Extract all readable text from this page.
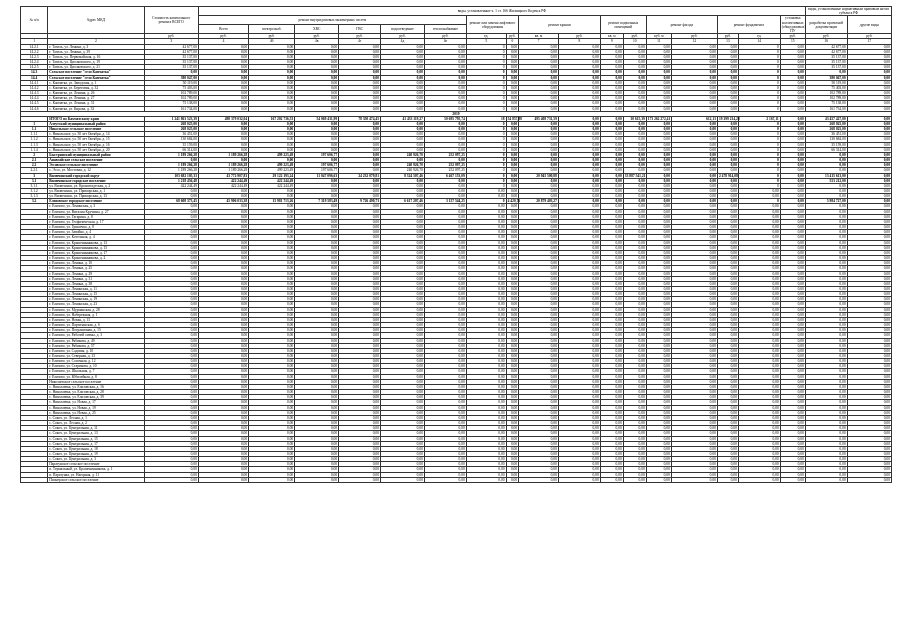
№ п/п	Адрес МКД	Стоимость капитального ремонта ВСЕГО	виды, установленные ч. 1 ст. 166 Жилищного Кодекса РФ																	виды, установленные нормативным правовым актом субъекта РФ	
			ремонт внутридомовых инженерных систем						ремонт или замена лифтового оборудования		ремонт крыши		ремонт подвальных помещений		ремонт фасада		ремонт фундамента		установка коллективных (общедомовых) ПУ	разработка проектной документации	другие виды
			Всего	электроснаб.	ХВС	ГВС	водоотведение	теплоснабжение													
		руб.	руб.	руб.	руб.	руб.	руб.	руб.	ед.	руб.	кв. м	руб.	кв. м	руб.	куб. м	руб.	руб.	ед.	руб.	руб.	руб.
1	2	3	4	4б	4в	4г	4д	4е	5	6	7	8	9	10	11	12	13	14	15	16	17
14.2.1	г. Тагиль, ул. Ленина, д. 3	42 677,00	0,00	0,00	0,00	0,00	0,00	0,00	0	0,00	0,00	0,00	0,00	0,00	0,00	0,00	0,00	0	0,00	42 677,00	0,00
14.2.2	г. Тагиль, ул. Ленина, д. 39	42 677,00	0,00	0,00	0,00	0,00	0,00	0,00	0	0,00	0,00	0,00	0,00	0,00	0,00	0,00	0,00	0	0,00	42 677,00	0,00
14.2.3	г. Тагиль, ул. Первомайская, д. 16	35 137,00	0,00	0,00	0,00	0,00	0,00	0,00	0	0,00	0,00	0,00	0,00	0,00	0,00	0,00	0,00	0	0,00	35 137,00	0,00
14.2.4	г. Тагиль, ул. Циолковского, д. 19	35 137,00	0,00	0,00	0,00	0,00	0,00	0,00	0	0,00	0,00	0,00	0,00	0,00	0,00	0,00	0,00	0	0,00	35 137,00	0,00
14.2.5	г. Тагиль, ул. Циолковского, д. 21	35 137,00	0,00	0,00	0,00	0,00	0,00	0,00	0	0,00	0,00	0,00	0,00	0,00	0,00	0,00	0,00	0	0,00	35 137,00	0,00
14.3	Сельское поселение "село Камчатка"	0,00	0,00	0,00	0,00	0,00	0,00	0,00	0	0,00	0,00	0,00	0,00	0,00	0,00	0,00	0,00	0	0,00	0,00	0,00
14.4	Сельское поселение "село Камчатка"	380 047,00	0,00	0,00	0,00	0,00	0,00	0,00	0	0,00	0,00	0,00	0,00	0,00	0,00	0,00	0,00	0	0,00	380 047,00	0,00
14.4.1	с. Камчатка, ул. Заводская, д. 1	50 119,00	0,00	0,00	0,00	0,00	0,00	0,00	0	0,00	0,00	0,00	0,00	0,00	0,00	0,00	0,00	0	0,00	50 119,00	0,00
14.4.2	с. Камчатка, ул. Береговая, д. 32	75 403,00	0,00	0,00	0,00	0,00	0,00	0,00	0	0,00	0,00	0,00	0,00	0,00	0,00	0,00	0,00	0	0,00	75 403,00	0,00
14.4.3	с. Камчатка, ул. Ленина, д. 26	102 789,00	0,00	0,00	0,00	0,00	0,00	0,00	0	0,00	0,00	0,00	0,00	0,00	0,00	0,00	0,00	0	0,00	102 789,00	0,00
14.4.4	с. Камчатка, ул. Ленина, д. 27	102 789,00	0,00	0,00	0,00	0,00	0,00	0,00	0	0,00	0,00	0,00	0,00	0,00	0,00	0,00	0,00	0	0,00	102 789,00	0,00
14.4.5	с. Камчатка, ул. Ленина, д. 31	75 138,00	0,00	0,00	0,00	0,00	0,00	0,00	0	0,00	0,00	0,00	0,00	0,00	0,00	0,00	0,00	0	0,00	75 138,00	0,00
14.4.6	с. Камчатка, ул. Кирова, д. 33	161 734,00	0,00	0,00	0,00	0,00	0,00	0,00	0	0,00	0,00	0,00	0,00	0,00	0,00	0,00	0,00	0	0,00	161 734,00	0,00
2019																					
	ИТОГО по Камчатскому краю	1 241 863 523,39	498 379 032,04	167 202 736,53	54 069 431,99	78 350 474,45	41 433 119,27	50 695 795,74	18	54 857,88	495 408 731,59	0,00	0,00	30 615,39	173 262 272,41	612,13	19 299 214,28	2 167,11	0,00	43 457 427,00	0,00
1	Алеутский муниципальный район	268 025,00	0,00	0,00	0,00	0,00	0,00	0,00	0	0,00	0,00	0,00	0,00	0,00	0,00	0,00	0,00	0	0,00	268 025,00	0,00
1.1	Никольское сельское поселение	268 025,00	0,00	0,00	0,00	0,00	0,00	0,00	0	0,00	0,00	0,00	0,00	0,00	0,00	0,00	0,00	0	0,00	268 025,00	0,00
1.1.1	с. Никольское, ул. 50 лет Октября, д. 14	36 451,00	0,00	0,00	0,00	0,00	0,00	0,00	0	0,00	0,00	0,00	0,00	0,00	0,00	0,00	0,00	0	0,00	36 451,00	0,00
1.1.2	с. Никольское, ул. 50 лет Октября, д. 15	130 684,00	0,00	0,00	0,00	0,00	0,00	0,00	0	0,00	0,00	0,00	0,00	0,00	0,00	0,00	0,00	0	0,00	130 684,00	0,00
1.1.3	с. Никольское, ул. 50 лет Октября, д. 16	35 159,00	0,00	0,00	0,00	0,00	0,00	0,00	0	0,00	0,00	0,00	0,00	0,00	0,00	0,00	0,00	0	0,00	35 159,00	0,00
1.1.4	с. Никольское, ул. 50 лет Октября, д. 20	66 314,00	0,00	0,00	0,00	0,00	0,00	0,00	0	0,00	0,00	0,00	0,00	0,00	0,00	0,00	0,00	0	0,00	66 314,00	0,00
2	Быстринский муниципальный район	1 189 266,28	1 189 266,28	499 223,49	197 606,77	0,00	240 926,70	252 097,25	0	0,00	0,00	0,00	0,00	0,00	0,00	0,00	0,00	0	0,00	0,00	0,00
2.1	Анавгайское сельское поселение	0,00	0,00	0,00	0,00	0,00	0,00	0,00	0	0,00	0,00	0,00	0,00	0,00	0,00	0,00	0,00	0	0,00	0,00	0,00
2.2	Эссовское сельское поселение	1 189 266,28	1 189 266,28	499 223,49	197 606,77	0,00	240 926,70	252 097,25	0	0,00	0,00	0,00	0,00	0,00	0,00	0,00	0,00	0	0,00	0,00	0,00
2.2.1	с. Эссо, ул. Мостовая, д. 12	1 189 266,28	1 189 266,28	499 223,49	197 606,77	0,00	240 926,70	252 097,25	0	0,00	0,00	0,00	0,00	0,00	0,00	0,00	0,00	0	0,00	0,00	0,00
3	Вилючинский городской округ	103 682 105,33	43 772 907,83	29 122 193,24	11 047 096,63	24 232 079,81	8 324 507,46	6 467 153,09	0	0,00	20 945 500,88	0,00	0,00	33 887 541,21	0,00	0,00	2 478 914,08	0	0,00	13 415 613,00	0,00
3.1	Вилючинское городское поселение	1 218 456,48	422 244,49	422 244,49	0,00	0,00	0,00	0,00	0	0,00	0,00	0,00	0,00	0,00	0,00	0,00	0,00	0	0,00	553 212,00	0,00
3.1.1	ул. Вилючинск, ул. Кронштадтская, д. 2	422 244,49	422 244,49	422 244,49	0,00	0,00	0,00	0,00	0	0,00	0,00	0,00	0,00	0,00	0,00	0,00	0,00	0	0,00	0,00	0,00
3.1.2	ул. Вилючинск, ул. Приморская, д. 1	0,00	0,00	0,00	0,00	0,00	0,00	0,00	0,00	0,00	0,00	0,00	0,00	0,00	0,00	0,00	0,00	0,00	0,00	0,00	0,00
3.1.3	ул. Вилючинск, ул. Приморская, д. 13	0,00	0,00	0,00	0,00	0,00	0,00	0,00	0,00	0,00	0,00	0,00	0,00	0,00	0,00	0,00	0,00	0,00	0,00	0,00	0,00
3.2	Елизовское городское поселение	68 608 373,45	45 906 033,38	15 981 713,26	7 319 583,49	9 726 490,73	6 617 207,46	3 157 544,25	0	4 420,76	20 879 403,27	0,00	0,00	0,00	0,00	0,00	0,00	0	0,00	5 984 727,00	0,00
	г. Елизово, ул. Ленинская, д. 3	0,00	0,00	0,00	0,00	0,00	0,00	0,00	0,00	0,00	0,00	0,00	0,00	0,00	0,00	0,00	0,00	0,00	0,00	0,00	0,00
	г. Елизово, ул. Виталия Кручины, д. 27	0,00	0,00	0,00	0,00	0,00	0,00	0,00	0,00	0,00	0,00	0,00	0,00	0,00	0,00	0,00	0,00	0,00	0,00	0,00	0,00
	г. Елизово, ул. Гагарина, д. 8	0,00	0,00	0,00	0,00	0,00	0,00	0,00	0,00	0,00	0,00	0,00	0,00	0,00	0,00	0,00	0,00	0,00	0,00	0,00	0,00
	г. Елизово, ул. Геофизическая, д. 17	0,00	0,00	0,00	0,00	0,00	0,00	0,00	0,00	0,00	0,00	0,00	0,00	0,00	0,00	0,00	0,00	0,00	0,00	0,00	0,00
	г. Елизово, ул. Гришечко, д. 8	0,00	0,00	0,00	0,00	0,00	0,00	0,00	0,00	0,00	0,00	0,00	0,00	0,00	0,00	0,00	0,00	0,00	0,00	0,00	0,00
	г. Елизово, ул. Завойко, д. 4	0,00	0,00	0,00	0,00	0,00	0,00	0,00	0,00	0,00	0,00	0,00	0,00	0,00	0,00	0,00	0,00	0,00	0,00	0,00	0,00
	г. Елизово, ул. Котельная, д. 4	0,00	0,00	0,00	0,00	0,00	0,00	0,00	0,00	0,00	0,00	0,00	0,00	0,00	0,00	0,00	0,00	0,00	0,00	0,00	0,00
	г. Елизово, ул. Крашенинникова, д. 13	0,00	0,00	0,00	0,00	0,00	0,00	0,00	0,00	0,00	0,00	0,00	0,00	0,00	0,00	0,00	0,00	0,00	0,00	0,00	0,00
	г. Елизово, ул. Крашенинникова, д. 15	0,00	0,00	0,00	0,00	0,00	0,00	0,00	0,00	0,00	0,00	0,00	0,00	0,00	0,00	0,00	0,00	0,00	0,00	0,00	0,00
	г. Елизово, ул. Крашенинникова, д. 17	0,00	0,00	0,00	0,00	0,00	0,00	0,00	0,00	0,00	0,00	0,00	0,00	0,00	0,00	0,00	0,00	0,00	0,00	0,00	0,00
	г. Елизово, ул. Крашенинникова, д. 2	0,00	0,00	0,00	0,00	0,00	0,00	0,00	0,00	0,00	0,00	0,00	0,00	0,00	0,00	0,00	0,00	0,00	0,00	0,00	0,00
	г. Елизово, ул. Ленина, д. 10	0,00	0,00	0,00	0,00	0,00	0,00	0,00	0,00	0,00	0,00	0,00	0,00	0,00	0,00	0,00	0,00	0,00	0,00	0,00	0,00
	г. Елизово, ул. Ленина, д. 25	0,00	0,00	0,00	0,00	0,00	0,00	0,00	0,00	0,00	0,00	0,00	0,00	0,00	0,00	0,00	0,00	0,00	0,00	0,00	0,00
	г. Елизово, ул. Ленина, д. 29	0,00	0,00	0,00	0,00	0,00	0,00	0,00	0,00	0,00	0,00	0,00	0,00	0,00	0,00	0,00	0,00	0,00	0,00	0,00	0,00
	г. Елизово, ул. Ленина, д. 31	0,00	0,00	0,00	0,00	0,00	0,00	0,00	0,00	0,00	0,00	0,00	0,00	0,00	0,00	0,00	0,00	0,00	0,00	0,00	0,00
	г. Елизово, ул. Ленина, д. 38	0,00	0,00	0,00	0,00	0,00	0,00	0,00	0,00	0,00	0,00	0,00	0,00	0,00	0,00	0,00	0,00	0,00	0,00	0,00	0,00
	г. Елизово, ул. Ленинская, д. 11	0,00	0,00	0,00	0,00	0,00	0,00	0,00	0,00	0,00	0,00	0,00	0,00	0,00	0,00	0,00	0,00	0,00	0,00	0,00	0,00
	г. Елизово, ул. Ленинская, д. 15	0,00	0,00	0,00	0,00	0,00	0,00	0,00	0,00	0,00	0,00	0,00	0,00	0,00	0,00	0,00	0,00	0,00	0,00	0,00	0,00
	г. Елизово, ул. Ленинская, д. 19	0,00	0,00	0,00	0,00	0,00	0,00	0,00	0,00	0,00	0,00	0,00	0,00	0,00	0,00	0,00	0,00	0,00	0,00	0,00	0,00
	г. Елизово, ул. Ленинская, д. 23	0,00	0,00	0,00	0,00	0,00	0,00	0,00	0,00	0,00	0,00	0,00	0,00	0,00	0,00	0,00	0,00	0,00	0,00	0,00	0,00
	г. Елизово, ул. Мурманская, д. 28	0,00	0,00	0,00	0,00	0,00	0,00	0,00	0,00	0,00	0,00	0,00	0,00	0,00	0,00	0,00	0,00	0,00	0,00	0,00	0,00
	г. Елизово, ул. Набережная, д. 1	0,00	0,00	0,00	0,00	0,00	0,00	0,00	0,00	0,00	0,00	0,00	0,00	0,00	0,00	0,00	0,00	0,00	0,00	0,00	0,00
	г. Елизово, ул. Новая, д. 13	0,00	0,00	0,00	0,00	0,00	0,00	0,00	0,00	0,00	0,00	0,00	0,00	0,00	0,00	0,00	0,00	0,00	0,00	0,00	0,00
	г. Елизово, ул. Партизанская, д. 6	0,00	0,00	0,00	0,00	0,00	0,00	0,00	0,00	0,00	0,00	0,00	0,00	0,00	0,00	0,00	0,00	0,00	0,00	0,00	0,00
	г. Елизово, ул. Пограничная, д. 15	0,00	0,00	0,00	0,00	0,00	0,00	0,00	0,00	0,00	0,00	0,00	0,00	0,00	0,00	0,00	0,00	0,00	0,00	0,00	0,00
	г. Елизово, ул. Рабочей смены, д. 3	0,00	0,00	0,00	0,00	0,00	0,00	0,00	0,00	0,00	0,00	0,00	0,00	0,00	0,00	0,00	0,00	0,00	0,00	0,00	0,00
	г. Елизово, ул. Рябикова, д. 49	0,00	0,00	0,00	0,00	0,00	0,00	0,00	0,00	0,00	0,00	0,00	0,00	0,00	0,00	0,00	0,00	0,00	0,00	0,00	0,00
	г. Елизово, ул. Рябикова, д. 57	0,00	0,00	0,00	0,00	0,00	0,00	0,00	0,00	0,00	0,00	0,00	0,00	0,00	0,00	0,00	0,00	0,00	0,00	0,00	0,00
	г. Елизово, ул. Садовая, д. 10	0,00	0,00	0,00	0,00	0,00	0,00	0,00	0,00	0,00	0,00	0,00	0,00	0,00	0,00	0,00	0,00	0,00	0,00	0,00	0,00
	г. Елизово, ул. Северная, д. 13	0,00	0,00	0,00	0,00	0,00	0,00	0,00	0,00	0,00	0,00	0,00	0,00	0,00	0,00	0,00	0,00	0,00	0,00	0,00	0,00
	г. Елизово, ул. Сопочная, д. 12	0,00	0,00	0,00	0,00	0,00	0,00	0,00	0,00	0,00	0,00	0,00	0,00	0,00	0,00	0,00	0,00	0,00	0,00	0,00	0,00
	г. Елизово, ул. Старикова, д. 10	0,00	0,00	0,00	0,00	0,00	0,00	0,00	0,00	0,00	0,00	0,00	0,00	0,00	0,00	0,00	0,00	0,00	0,00	0,00	0,00
	г. Елизово, ул. Школьная, д. 7	0,00	0,00	0,00	0,00	0,00	0,00	0,00	0,00	0,00	0,00	0,00	0,00	0,00	0,00	0,00	0,00	0,00	0,00	0,00	0,00
	г. Елизово, ул. Юбилейная, д. 8	0,00	0,00	0,00	0,00	0,00	0,00	0,00	0,00	0,00	0,00	0,00	0,00	0,00	0,00	0,00	0,00	0,00	0,00	0,00	0,00
	Николаевское сельское поселение	0,00	0,00	0,00	0,00	0,00	0,00	0,00	0,00	0,00	0,00	0,00	0,00	0,00	0,00	0,00	0,00	0,00	0,00	0,00	0,00
	с. Николаевка, ул. Елизовская, д. 16	0,00	0,00	0,00	0,00	0,00	0,00	0,00	0,00	0,00	0,00	0,00	0,00	0,00	0,00	0,00	0,00	0,00	0,00	0,00	0,00
	с. Николаевка, ул. Елизовская, д. 28	0,00	0,00	0,00	0,00	0,00	0,00	0,00	0,00	0,00	0,00	0,00	0,00	0,00	0,00	0,00	0,00	0,00	0,00	0,00	0,00
	с. Николаевка, ул. Елизовская, д. 39	0,00	0,00	0,00	0,00	0,00	0,00	0,00	0,00	0,00	0,00	0,00	0,00	0,00	0,00	0,00	0,00	0,00	0,00	0,00	0,00
	с. Николаевка, ул. Новая, д. 17	0,00	0,00	0,00	0,00	0,00	0,00	0,00	0,00	0,00	0,00	0,00	0,00	0,00	0,00	0,00	0,00	0,00	0,00	0,00	0,00
	с. Николаевка, ул. Новая, д. 19	0,00	0,00	0,00	0,00	0,00	0,00	0,00	0,00	0,00	0,00	0,00	0,00	0,00	0,00	0,00	0,00	0,00	0,00	0,00	0,00
	с. Николаевка, ул. Новая, д. 25	0,00	0,00	0,00	0,00	0,00	0,00	0,00	0,00	0,00	0,00	0,00	0,00	0,00	0,00	0,00	0,00	0,00	0,00	0,00	0,00
	с. Сокоч, ул. Лесная, д. 1	0,00	0,00	0,00	0,00	0,00	0,00	0,00	0,00	0,00	0,00	0,00	0,00	0,00	0,00	0,00	0,00	0,00	0,00	0,00	0,00
	с. Сокоч, ул. Лесная, д. 2	0,00	0,00	0,00	0,00	0,00	0,00	0,00	0,00	0,00	0,00	0,00	0,00	0,00	0,00	0,00	0,00	0,00	0,00	0,00	0,00
	с. Сокоч, ул. Центральная, д. 11	0,00	0,00	0,00	0,00	0,00	0,00	0,00	0,00	0,00	0,00	0,00	0,00	0,00	0,00	0,00	0,00	0,00	0,00	0,00	0,00
	с. Сокоч, ул. Центральная, д. 13	0,00	0,00	0,00	0,00	0,00	0,00	0,00	0,00	0,00	0,00	0,00	0,00	0,00	0,00	0,00	0,00	0,00	0,00	0,00	0,00
	с. Сокоч, ул. Центральная, д. 15	0,00	0,00	0,00	0,00	0,00	0,00	0,00	0,00	0,00	0,00	0,00	0,00	0,00	0,00	0,00	0,00	0,00	0,00	0,00	0,00
	с. Сокоч, ул. Центральная, д. 17	0,00	0,00	0,00	0,00	0,00	0,00	0,00	0,00	0,00	0,00	0,00	0,00	0,00	0,00	0,00	0,00	0,00	0,00	0,00	0,00
	с. Сокоч, ул. Центральная, д. 18	0,00	0,00	0,00	0,00	0,00	0,00	0,00	0,00	0,00	0,00	0,00	0,00	0,00	0,00	0,00	0,00	0,00	0,00	0,00	0,00
	с. Сокоч, ул. Центральная, д. 19	0,00	0,00	0,00	0,00	0,00	0,00	0,00	0,00	0,00	0,00	0,00	0,00	0,00	0,00	0,00	0,00	0,00	0,00	0,00	0,00
	с. Сокоч, ул. Центральная, д. 3	0,00	0,00	0,00	0,00	0,00	0,00	0,00	0,00	0,00	0,00	0,00	0,00	0,00	0,00	0,00	0,00	0,00	0,00	0,00	0,00
	Паратунское сельское поселение	0,00	0,00	0,00	0,00	0,00	0,00	0,00	0,00	0,00	0,00	0,00	0,00	0,00	0,00	0,00	0,00	0,00	0,00	0,00	0,00
	п. Термальный, ул. Крашенинникова, д. 1	0,00	0,00	0,00	0,00	0,00	0,00	0,00	0,00	0,00	0,00	0,00	0,00	0,00	0,00	0,00	0,00	0,00	0,00	0,00	0,00
	п. Паратунка, ул. Нагорная, д. 11	0,00	0,00	0,00	0,00	0,00	0,00	0,00	0,00	0,00	0,00	0,00	0,00	0,00	0,00	0,00	0,00	0,00	0,00	0,00	0,00
	Пионерское сельское поселение	0,00	0,00	0,00	0,00	0,00	0,00	0,00	0,00	0,00	0,00	0,00	0,00	0,00	0,00	0,00	0,00	0,00	0,00	0,00	0,00
